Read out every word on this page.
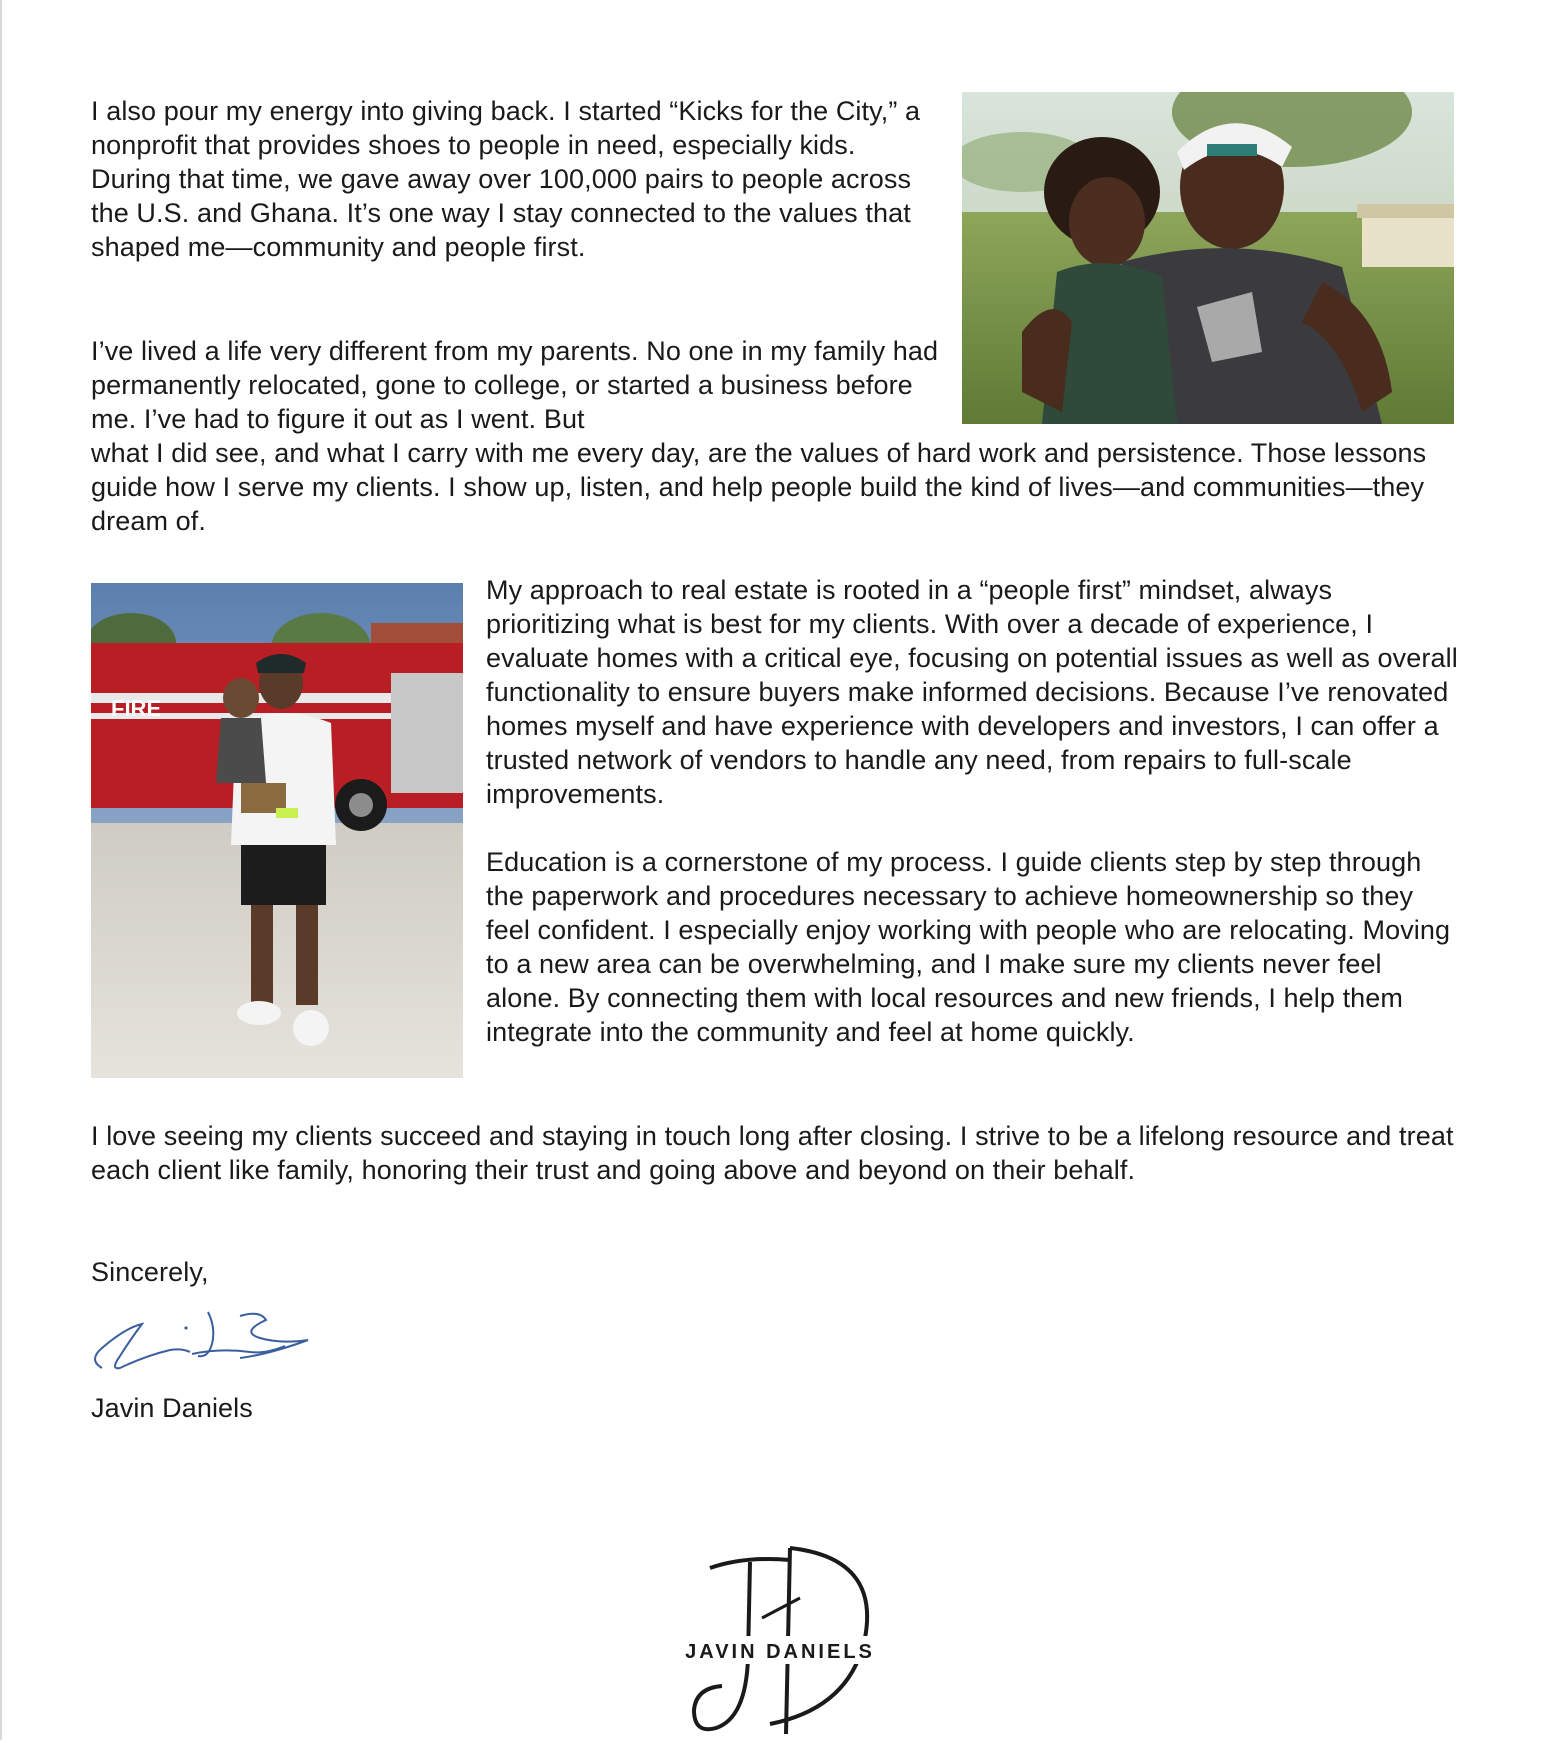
I also pour my energy into giving back. I started “Kicks for the City,” a nonprofit that provides shoes to people in need, especially kids. During that time, we gave away over 100,000 pairs to people across the U.S. and Ghana. It’s one way I stay connected to the values that shaped me—community and people first.

I’ve lived a life very different from my parents. No one in my family had permanently relocated, gone to college, or started a business before me. I’ve had to figure it out as I went. But

what I did see, and what I carry with me every day, are the values of hard work and persistence. Those lessons guide how I serve my clients. I show up, listen, and help people build the kind of lives—and communities—they dream of.

FIRE

My approach to real estate is rooted in a “people first” mindset, always prioritizing what is best for my clients. With over a decade of experience, I evaluate homes with a critical eye, focusing on potential issues as well as overall functionality to ensure buyers make informed decisions. Because I’ve renovated homes myself and have experience with developers and investors, I can offer a trusted network of vendors to handle any need, from repairs to full-scale improvements.

Education is a cornerstone of my process. I guide clients step by step through the paperwork and procedures necessary to achieve homeownership so they feel confident. I especially enjoy working with people who are relocating. Moving to a new area can be overwhelming, and I make sure my clients never feel alone. By connecting them with local resources and new friends, I help them integrate into the community and feel at home quickly.

I love seeing my clients succeed and staying in touch long after closing. I strive to be a lifelong resource and treat each client like family, honoring their trust and going above and beyond on their behalf.

Sincerely,

Javin Daniels

JAVIN DANIELS
